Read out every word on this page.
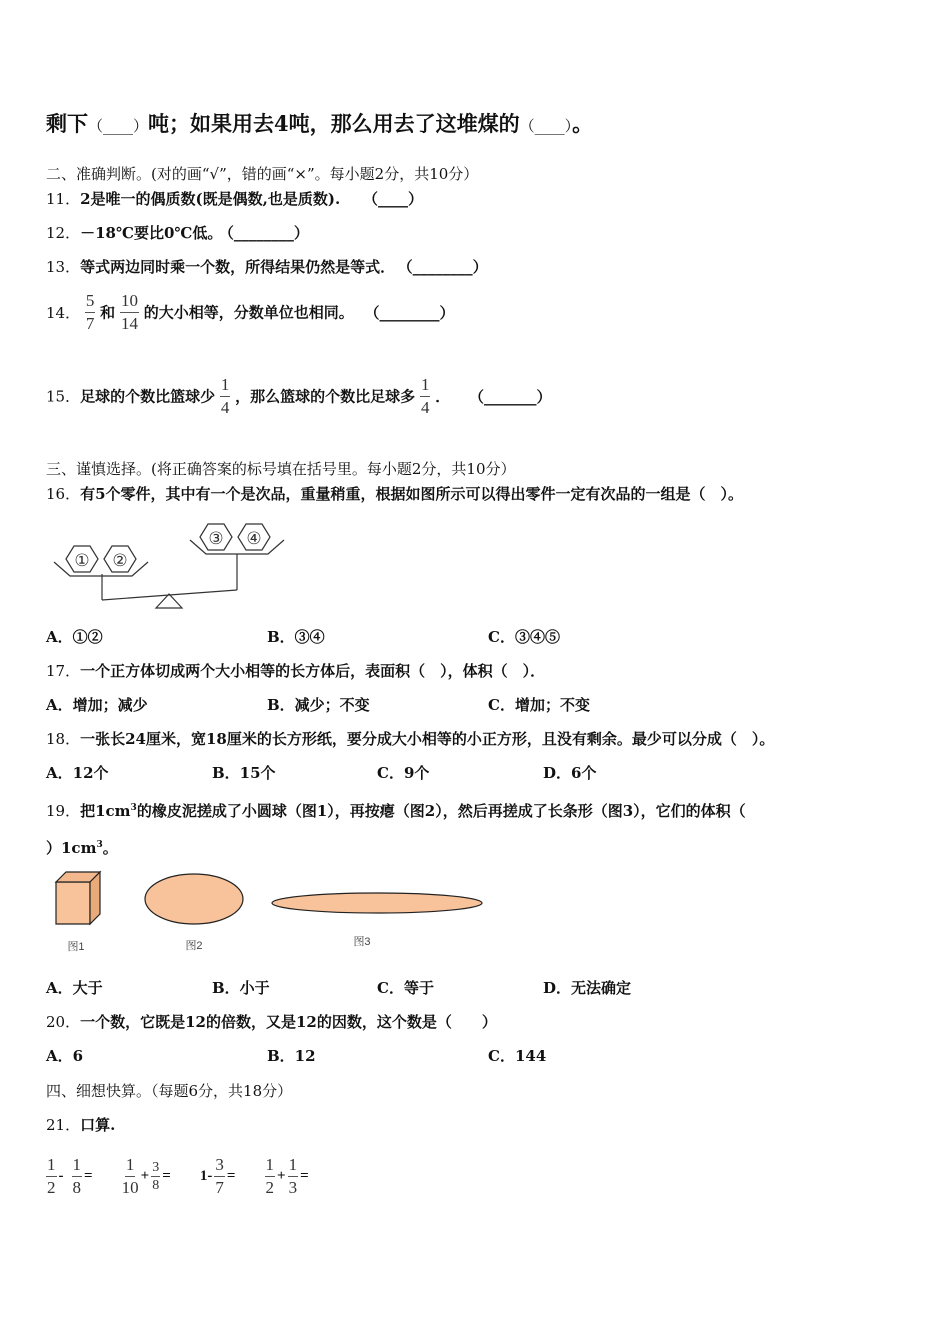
剩下（____）吨；如果用去4吨，那么用去了这堆煤的（____）。
二、准确判断。(对的画“√”，错的画“×”。每小题2分，共10分）
11．2是唯一的偶质数(既是偶数,也是质数). （____）
12．－18℃要比0℃低。 （________）
13．等式两边同时乘一个数，所得结果仍然是等式． （________）
14． $\frac{5}{7}$ 和 $\frac{10}{14}$ 的大小相等，分数单位也相同。 （________）
15．足球的个数比篮球少 $\frac{1}{4}$ ，那么篮球的个数比足球多 $\frac{1}{4}$ ． （_______）
三、谨慎选择。(将正确答案的标号填在括号里。每小题2分，共10分）
16．有5个零件，其中有一个是次品，重量稍重，根据如图所示可以得出零件一定有次品的一组是（　）。
① ②
③ ④
A．①②	B．③④	C．③④⑤
17．一个正方体切成两个大小相等的长方体后，表面积（　），体积（　）．
A．增加；减少	B．减少；不变	C．增加；不变
18．一张长24厘米，宽18厘米的长方形纸，要分成大小相等的小正方形，且没有剩余。最少可以分成（　）。
A．12个	B．15个	C．9个	D．6个
19．把$1cm^3$的橡皮泥搓成了小圆球（图1），再按瘪（图2），然后再搓成了长条形（图3），它们的体积（
）$1cm^3$。
图1	图2	图3
A．大于	B．小于	C．等于	D．无法确定
20．一个数，它既是12的倍数，又是12的因数，这个数是（　　）
A．6	B．12	C．144
四、细想快算。（每题6分，共18分）
21．口算.
$\frac{1}{2} - \frac{1}{8} = \frac{1}{10} + \frac{3}{8} = 1- \frac{3}{7} = \frac{1}{2} + \frac{1}{3}$ =
